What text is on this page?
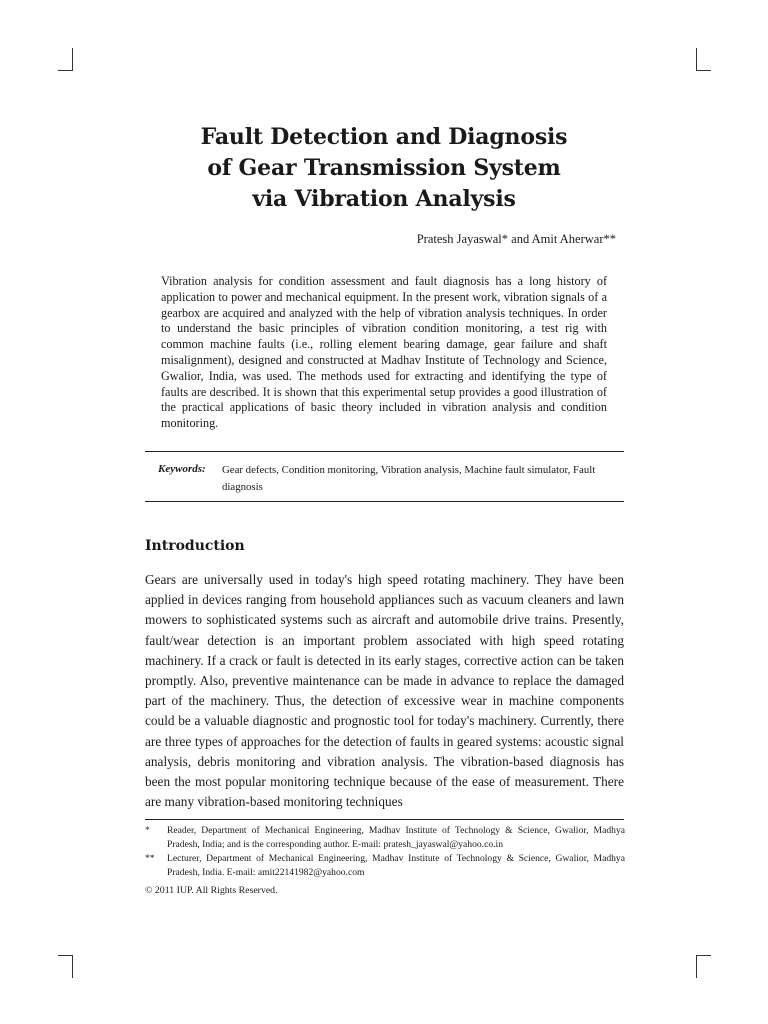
Fault Detection and Diagnosis
of Gear Transmission System
via Vibration Analysis
Pratesh Jayaswal* and Amit Aherwar**

Vibration analysis for condition assessment and fault diagnosis has a long history of application to power and mechanical equipment. In the present work, vibration signals of a gearbox are acquired and analyzed with the help of vibration analysis techniques. In order to understand the basic principles of vibration condition monitoring, a test rig with common machine faults (i.e., rolling element bearing damage, gear failure and shaft misalignment), designed and constructed at Madhav Institute of Technology and Science, Gwalior, India, was used. The methods used for extracting and identifying the type of faults are described. It is shown that this experimental setup provides a good illustration of the practical applications of basic theory included in vibration analysis and condition monitoring.

Keywords: Gear defects, Condition monitoring, Vibration analysis, Machine fault simulator, Fault diagnosis

Introduction

Gears are universally used in today's high speed rotating machinery. They have been applied in devices ranging from household appliances such as vacuum cleaners and lawn mowers to sophisticated systems such as aircraft and automobile drive trains. Presently, fault/wear detection is an important problem associated with high speed rotating machinery. If a crack or fault is detected in its early stages, corrective action can be taken promptly. Also, preventive maintenance can be made in advance to replace the damaged part of the machinery. Thus, the detection of excessive wear in machine components could be a valuable diagnostic and prognostic tool for today's machinery. Currently, there are three types of approaches for the detection of faults in geared systems: acoustic signal analysis, debris monitoring and vibration analysis. The vibration-based diagnosis has been the most popular monitoring technique because of the ease of measurement. There are many vibration-based monitoring techniques

* Reader, Department of Mechanical Engineering, Madhav Institute of Technology & Science, Gwalior, Madhya Pradesh, India; and is the corresponding author. E-mail: pratesh_jayaswal@yahoo.co.in
** Lecturer, Department of Mechanical Engineering, Madhav Institute of Technology & Science, Gwalior, Madhya Pradesh, India. E-mail: amit22141982@yahoo.com
© 2011 IUP. All Rights Reserved.
